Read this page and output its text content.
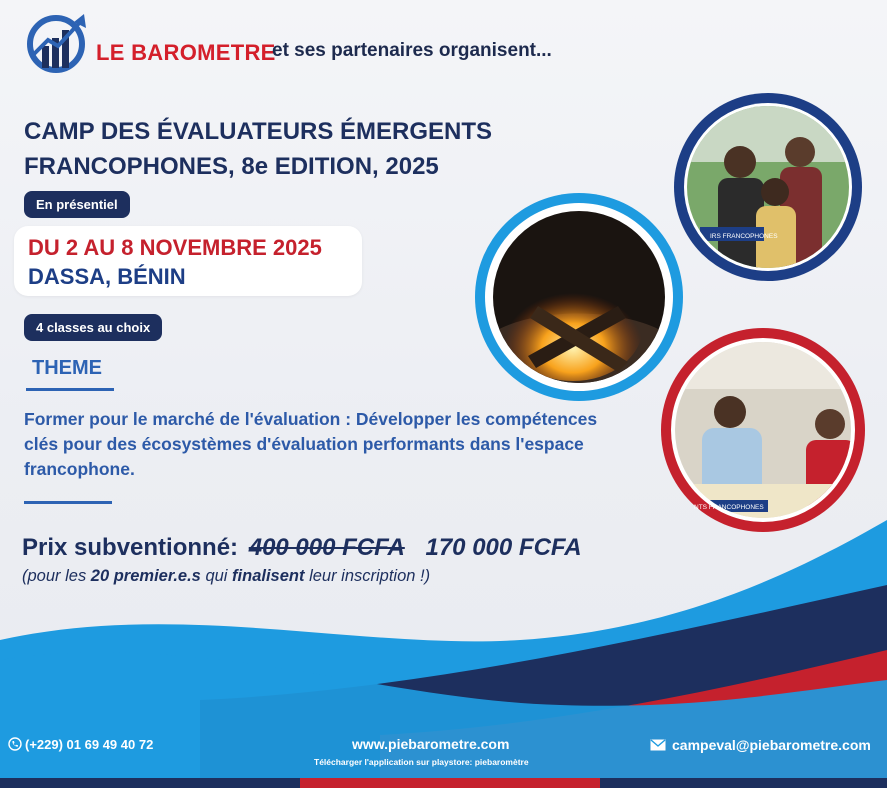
LE BAROMETRE
et ses partenaires organisent...
CAMP DES ÉVALUATEURS ÉMERGENTS
FRANCOPHONES, 8e EDITION, 2025
En présentiel
DU 2 AU 8 NOVEMBRE 2025
DASSA, BÉNIN
4 classes au choix
THEME
Former pour le marché de l'évaluation : Développer les compétences clés pour des écosystèmes d'évaluation performants dans l'espace francophone.
Prix subventionné: 400 000 FCFA 170 000 FCFA
(pour les 20 premier.e.s qui finalisent leur inscription !)
IRS FRANCOPHONES
NTS FRANCOPHONES
(+229) 01 69 49 40 72	www.piebarometre.com
Télécharger l'application sur playstore: piebaromètre
campeval@piebarometre.com
